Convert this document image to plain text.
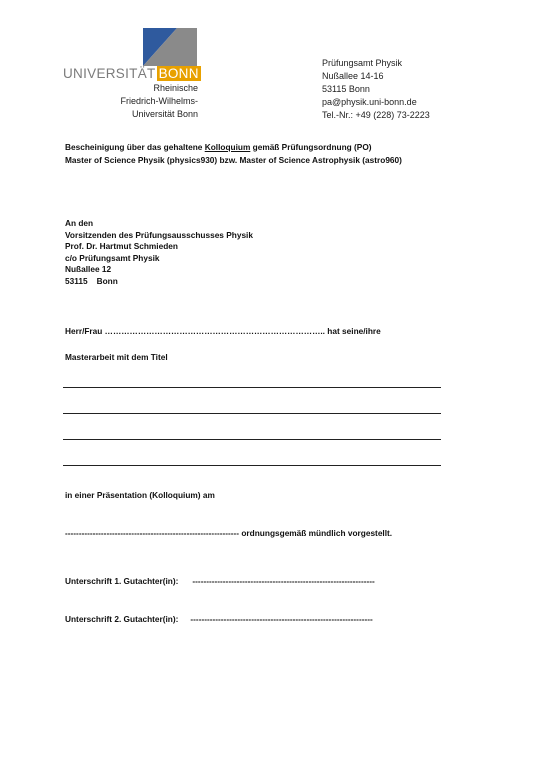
UNIVERSITÄT BONN
Rheinische
Friedrich-Wilhelms-
Universität Bonn
Prüfungsamt Physik
Nußallee 14-16
53115 Bonn
pa@physik.uni-bonn.de
Tel.-Nr.: +49 (228) 73-2223
Bescheinigung über das gehaltene Kolloquium gemäß Prüfungsordnung (PO)
Master of Science Physik (physics930) bzw. Master of Science Astrophysik (astro960)
An den
Vorsitzenden des Prüfungsausschusses Physik
Prof. Dr. Hartmut Schmieden
c/o Prüfungsamt Physik
Nußallee 12
53115 Bonn
Herr/Frau …………………………………………………………………….. hat seine/ihre
Masterarbeit mit dem Titel
in einer Präsentation (Kolloquium) am
--------------------------------------------------------------- ordnungsgemäß mündlich vorgestellt.
Unterschrift 1. Gutachter(in): ------------------------------------------------------------------
Unterschrift 2. Gutachter(in): ------------------------------------------------------------------
